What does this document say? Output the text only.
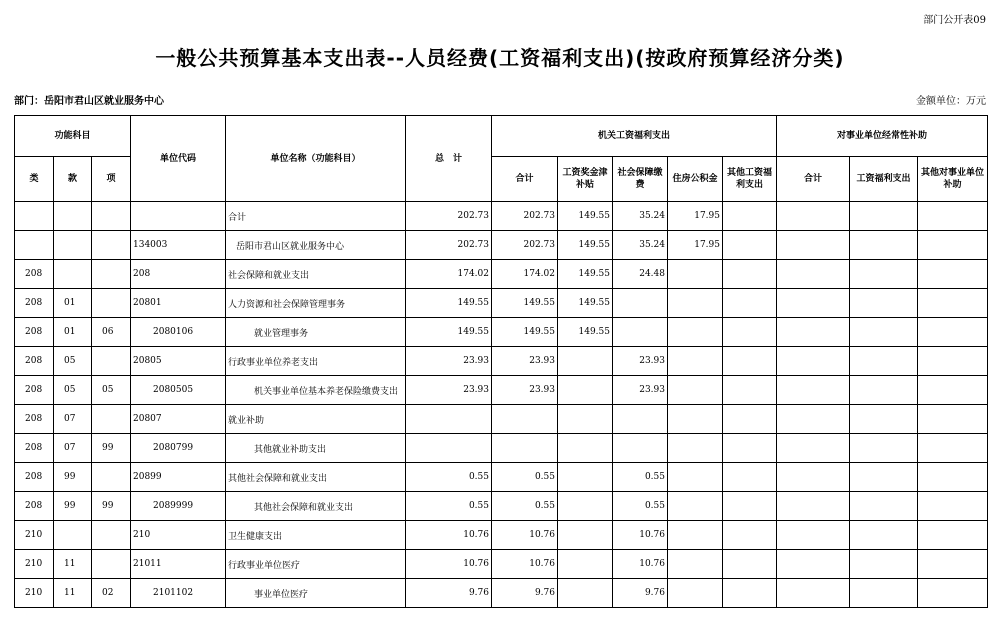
部门公开表09
一般公共预算基本支出表--人员经费(工资福利支出)(按政府预算经济分类)
部门：岳阳市君山区就业服务中心	金额单位：万元
功能科目			单位代码	单位名称（功能科目）	总　计	机关工资福利支出					对事业单位经常性补助		
类	款	项				合计	工资奖金津补贴	社会保障缴费	住房公积金	其他工资福利支出	合计	工资福利支出	其他对事业单位补助
				合计	202.73	202.73	149.55	35.24	17.95				
			134003	岳阳市君山区就业服务中心	202.73	202.73	149.55	35.24	17.95				
208			208	社会保障和就业支出	174.02	174.02	149.55	24.48					
208	01		20801	人力资源和社会保障管理事务	149.55	149.55	149.55						
208	01	06	2080106	就业管理事务	149.55	149.55	149.55						
208	05		20805	行政事业单位养老支出	23.93	23.93		23.93					
208	05	05	2080505	机关事业单位基本养老保险缴费支出	23.93	23.93		23.93					
208	07		20807	就业补助									
208	07	99	2080799	其他就业补助支出									
208	99		20899	其他社会保障和就业支出	0.55	0.55		0.55					
208	99	99	2089999	其他社会保障和就业支出	0.55	0.55		0.55					
210			210	卫生健康支出	10.76	10.76		10.76					
210	11		21011	行政事业单位医疗	10.76	10.76		10.76					
210	11	02	2101102	事业单位医疗	9.76	9.76		9.76					
